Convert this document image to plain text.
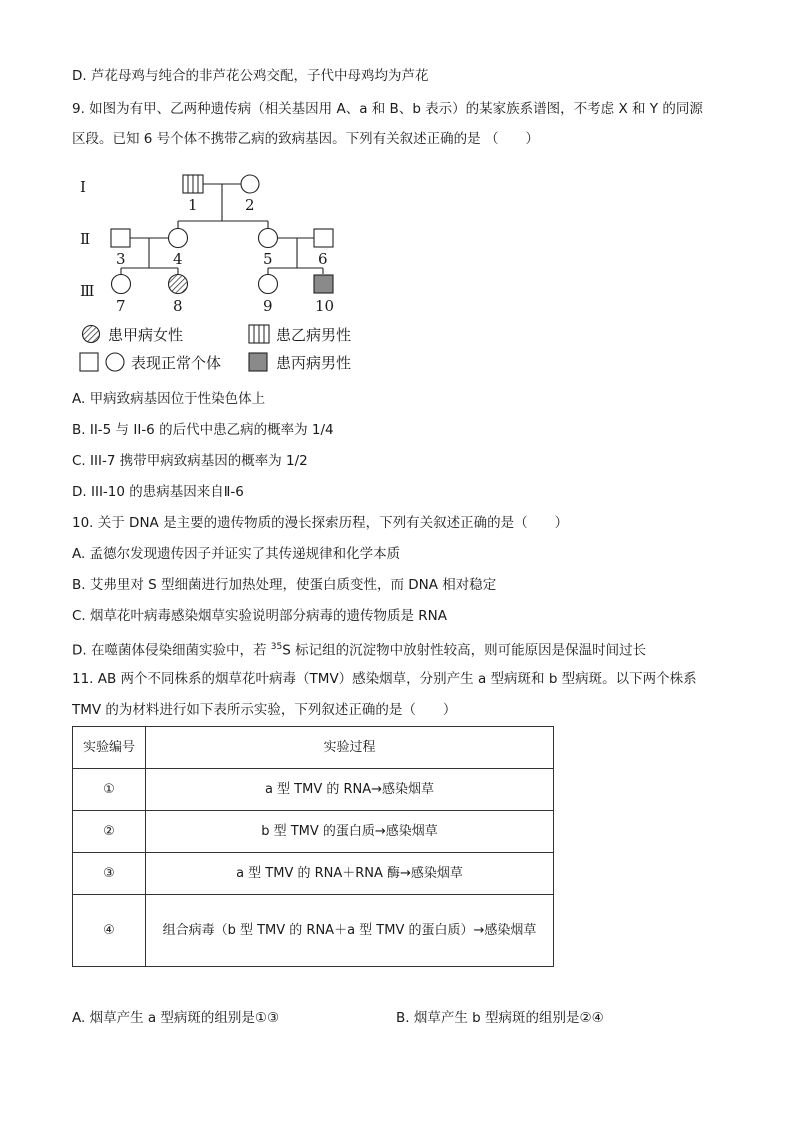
D. 芦花母鸡与纯合的非芦花公鸡交配，子代中母鸡均为芦花
9. 如图为有甲、乙两种遗传病（相关基因用 A、a 和 B、b 表示）的某家族系谱图，不考虑 X 和 Y 的同源
区段。已知 6 号个体不携带乙病的致病基因。下列有关叙述正确的是 （　　）
Ⅰ
Ⅱ
Ⅲ
1	2
3	4	5	6
7	8	9	10
患甲病女性	患乙病男性
表现正常个体	患丙病男性
A. 甲病致病基因位于性染色体上
B. II-5 与 II-6 的后代中患乙病的概率为 1/4
C. III-7 携带甲病致病基因的概率为 1/2
D. III-10 的患病基因来自Ⅱ-6
10. 关于 DNA 是主要的遗传物质的漫长探索历程，下列有关叙述正确的是（　　）
A. 孟德尔发现遗传因子并证实了其传递规律和化学本质
B. 艾弗里对 S 型细菌进行加热处理，使蛋白质变性，而 DNA 相对稳定
C. 烟草花叶病毒感染烟草实验说明部分病毒的遗传物质是 RNA
D. 在噬菌体侵染细菌实验中，若 $^{35}$S 标记组的沉淀物中放射性较高，则可能原因是保温时间过长
11. AB 两个不同株系的烟草花叶病毒（TMV）感染烟草，分别产生 a 型病斑和 b 型病斑。以下两个株系
TMV 的为材料进行如下表所示实验，下列叙述正确的是（　　）
实验编号	实验过程
①	a 型 TMV 的 RNA→感染烟草
②	b 型 TMV 的蛋白质→感染烟草
③	a 型 TMV 的 RNA＋RNA 酶→感染烟草
④	组合病毒（b 型 TMV 的 RNA＋a 型 TMV 的蛋白质）→感染烟草
A. 烟草产生 a 型病斑的组别是①③	B. 烟草产生 b 型病斑的组别是②④
